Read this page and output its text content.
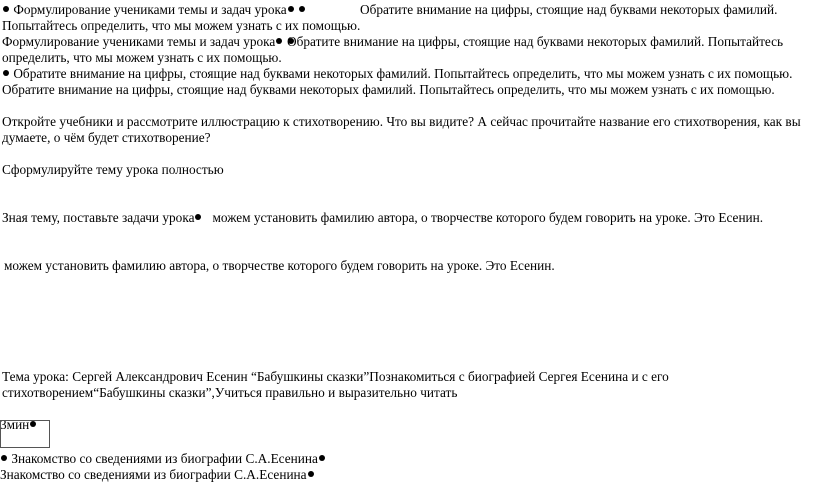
Формулирование учениками темы и задач урока	Обратите внимание на цифры, стоящие над буквами некоторых фамилий. Попытайтесь определить, что мы можем узнать с их помощью.
Формулирование учениками темы и задач урока Обратите внимание на цифры, стоящие над буквами некоторых фамилий. Попытайтесь определить, что мы можем узнать с их помощью.
Обратите внимание на цифры, стоящие над буквами некоторых фамилий. Попытайтесь определить, что мы можем узнать с их помощью.
Обратите внимание на цифры, стоящие над буквами некоторых фамилий. Попытайтесь определить, что мы можем узнать с их помощью.
Откройте учебники и рассмотрите иллюстрацию к стихотворению. Что вы видите? А сейчас прочитайте название его стихотворения, как вы думаете, о чём будет стихотворение?
Сформулируйте тему урока полностью
Зная тему, поставьте задачи урока можем установить фамилию автора, о творчестве которого будем говорить на уроке. Это Есенин.
можем установить фамилию автора, о творчестве которого будем говорить на уроке. Это Есенин.
Тема урока: Сергей Александрович Есенин “Бабушкины сказки”Познакомиться с биографией Сергея Есенина и с его стихотворением“Бабушкины сказки”,Учиться правильно и выразительно читать
3мин
Знакомство со сведениями из биографии С.А.Есенина
Знакомство со сведениями из биографии С.А.Есенина
